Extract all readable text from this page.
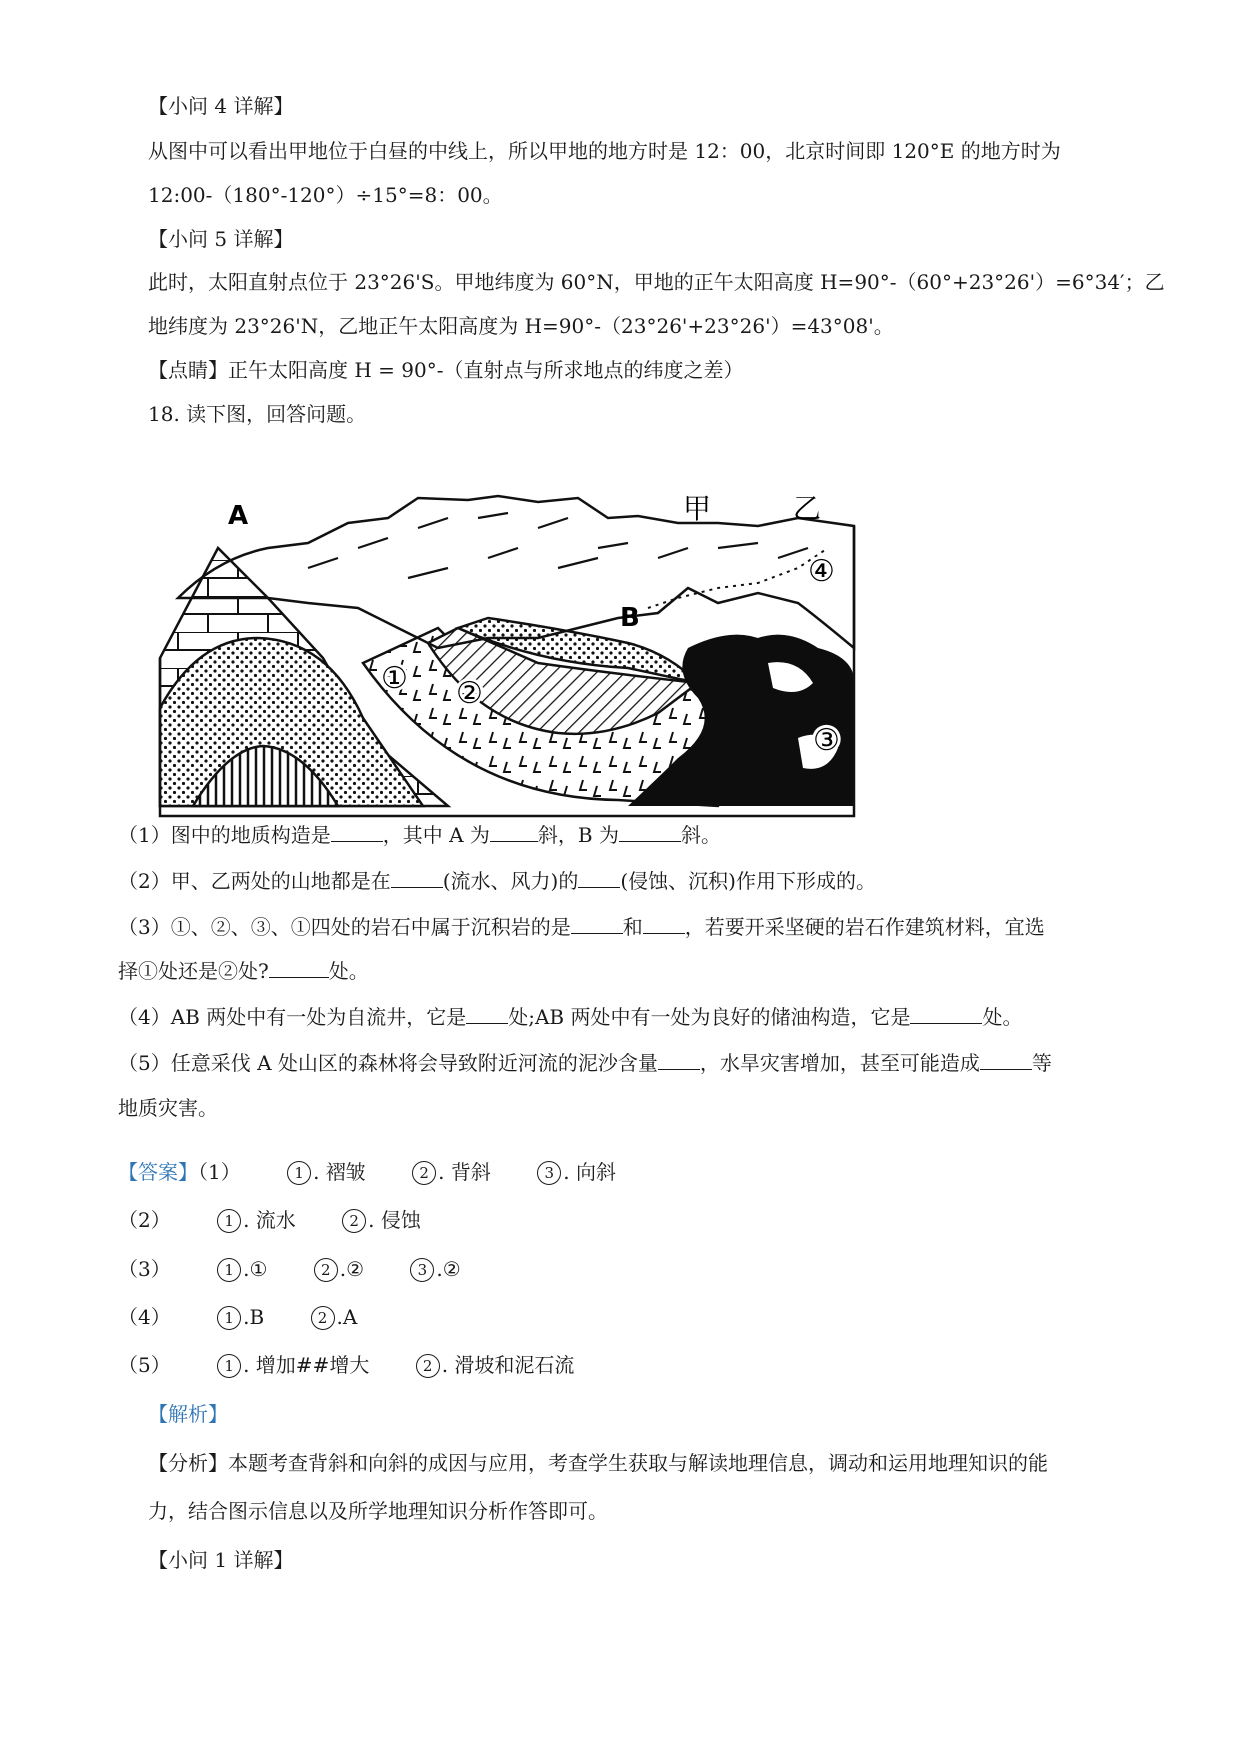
【小问 4 详解】
从图中可以看出甲地位于白昼的中线上，所以甲地的地方时是 12：00，北京时间即 120°E 的地方时为
12:00-（180°-120°）÷15°=8：00。
【小问 5 详解】
此时，太阳直射点位于 23°26'S。甲地纬度为 60°N，甲地的正午太阳高度 H=90°-（60°+23°26'）=6°34′；乙
地纬度为 23°26'N，乙地正午太阳高度为 H=90°-（23°26'+23°26'）=43°08'。
【点睛】正午太阳高度 H = 90°-（直射点与所求地点的纬度之差）
18. 读下图，回答问题。
A
B
甲	乙
① ②
③
④
（1）图中的地质构造是	，其中 A 为 斜，B 为	斜。
（2）甲、乙两处的山地都是在	(流水、风力)的 (侵蚀、沉积)作用下形成的。
（3）①、②、③、①四处的岩石中属于沉积岩的是	和 ，若要开采坚硬的岩石作建筑材料，宜选
择①处还是②处?	处。
（4）AB 两处中有一处为自流井，它是 处;AB 两处中有一处为良好的储油构造，它是	处。
（5）任意采伐 A 处山区的森林将会导致附近河流的泥沙含量 ，水旱灾害增加，甚至可能造成	等
地质灾害。
【答案】（1）	1 . 褶皱	2 . 背斜	3 . 向斜
（2）	1 . 流水	2 . 侵蚀
（3）	1 .①	2 .②	3 .②
（4）	1 .B	2 .A
（5）	1 . 增加##增大	2 . 滑坡和泥石流
【解析】
【分析】本题考查背斜和向斜的成因与应用，考查学生获取与解读地理信息，调动和运用地理知识的能
力，结合图示信息以及所学地理知识分析作答即可。
【小问 1 详解】
